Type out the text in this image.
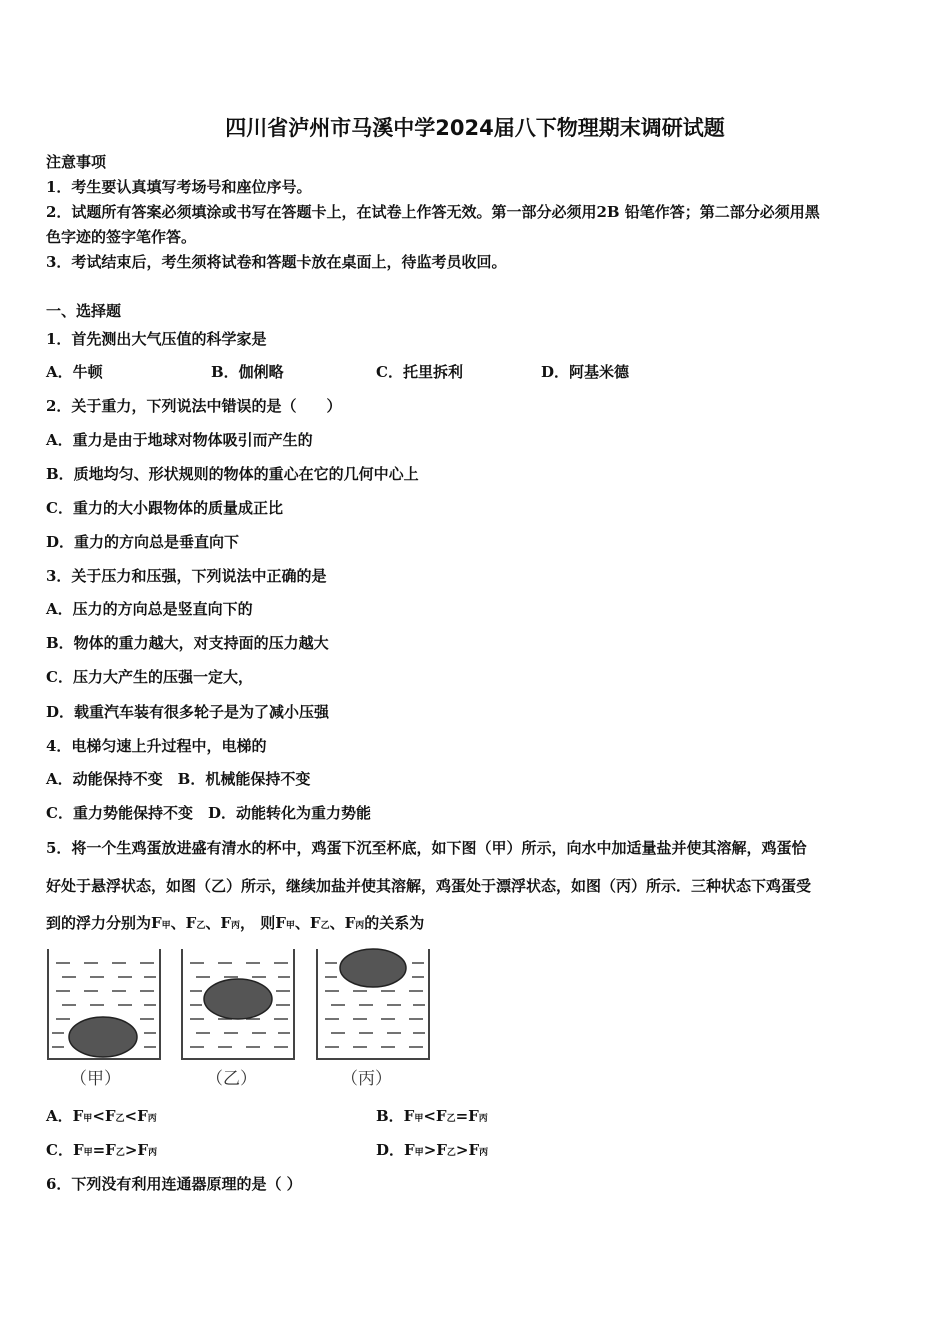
四川省泸州市马溪中学2024届八下物理期末调研试题
注意事项
1．考生要认真填写考场号和座位序号。
2．试题所有答案必须填涂或书写在答题卡上，在试卷上作答无效。第一部分必须用2B 铅笔作答；第二部分必须用黑
色字迹的签字笔作答。
3．考试结束后，考生须将试卷和答题卡放在桌面上，待监考员收回。
一、选择题
1．首先测出大气压值的科学家是
A．牛顿	B．伽俐略	C．托里拆利	D．阿基米德
2．关于重力，下列说法中错误的是（　　）
A．重力是由于地球对物体吸引而产生的
B．质地均匀、形状规则的物体的重心在它的几何中心上
C．重力的大小跟物体的质量成正比
D．重力的方向总是垂直向下
3．关于压力和压强，下列说法中正确的是
A．压力的方向总是竖直向下的
B．物体的重力越大，对支持面的压力越大
C．压力大产生的压强一定大，
D．载重汽车装有很多轮子是为了减小压强
4．电梯匀速上升过程中，电梯的
A．动能保持不变　B．机械能保持不变
C．重力势能保持不变　D．动能转化为重力势能
5．将一个生鸡蛋放进盛有清水的杯中，鸡蛋下沉至杯底，如下图（甲）所示，向水中加适量盐并使其溶解，鸡蛋恰
好处于悬浮状态，如图（乙）所示，继续加盐并使其溶解，鸡蛋处于漂浮状态，如图（丙）所示．三种状态下鸡蛋受
到的浮力分别为F甲、F乙、F丙， 则F甲、F乙、F丙的关系为
（甲）	（乙）	（丙）
A．F甲<F乙<F丙	B．F甲<F乙=F丙
C．F甲=F乙>F丙	D．F甲>F乙>F丙
6．下列没有利用连通器原理的是（ ）
